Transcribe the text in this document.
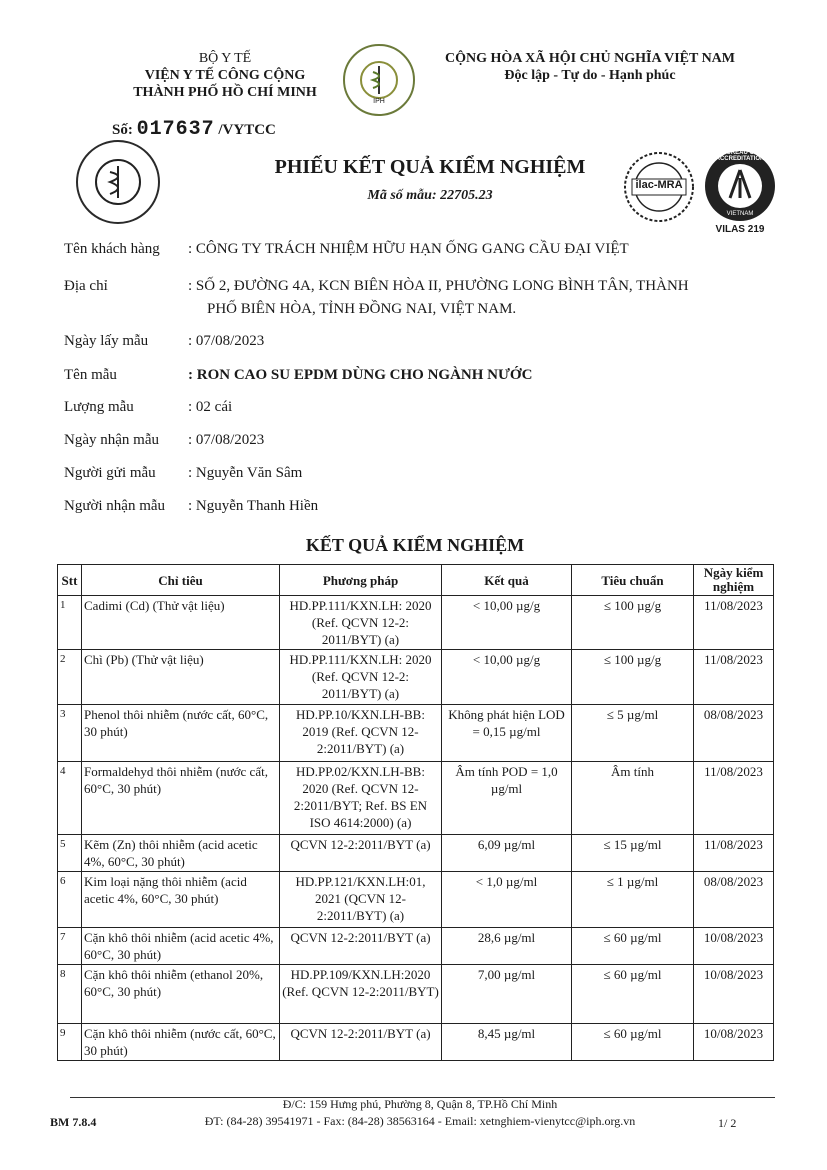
BỘ Y TẾ
VIỆN Y TẾ CÔNG CỘNG
THÀNH PHỐ HỒ CHÍ MINH
IPH
CỘNG HÒA XÃ HỘI CHỦ NGHĨA VIỆT NAM
Độc lập - Tự do - Hạnh phúc
Số: 017637 /VYTCC
PHIẾU KẾT QUẢ KIỂM NGHIỆM
Mã số mẫu: 22705.23
ilac-MRA
BUREAU OF ACCREDITATION
VIETNAM
VILAS 219
Tên khách hàng	: CÔNG TY TRÁCH NHIỆM HỮU HẠN ỐNG GANG CẦU ĐẠI VIỆT
Địa chỉ	: SỐ 2, ĐƯỜNG 4A, KCN BIÊN HÒA II, PHƯỜNG LONG BÌNH TÂN, THÀNH
PHỐ BIÊN HÒA, TỈNH ĐỒNG NAI, VIỆT NAM.
Ngày lấy mẫu	: 07/08/2023
Tên mẫu	: RON CAO SU EPDM DÙNG CHO NGÀNH NƯỚC
Lượng mẫu	: 02 cái
Ngày nhận mẫu	: 07/08/2023
Người gửi mẫu	: Nguyễn Văn Sâm
Người nhận mẫu	: Nguyễn Thanh Hiền
KẾT QUẢ KIỂM NGHIỆM
Stt	Chỉ tiêu	Phương pháp	Kết quả	Tiêu chuẩn	Ngày kiểm nghiệm
1	Cadimi (Cd) (Thử vật liệu)	HD.PP.111/KXN.LH: 2020 (Ref. QCVN 12-2: 2011/BYT) (a)	< 10,00 µg/g	≤ 100 µg/g	11/08/2023
2	Chì (Pb) (Thử vật liệu)	HD.PP.111/KXN.LH: 2020 (Ref. QCVN 12-2: 2011/BYT) (a)	< 10,00 µg/g	≤ 100 µg/g	11/08/2023
3	Phenol thôi nhiễm (nước cất, 60°C, 30 phút)	HD.PP.10/KXN.LH-BB: 2019 (Ref. QCVN 12-2:2011/BYT) (a)	Không phát hiện LOD = 0,15 µg/ml	≤ 5 µg/ml	08/08/2023
4	Formaldehyd thôi nhiễm (nước cất, 60°C, 30 phút)	HD.PP.02/KXN.LH-BB: 2020 (Ref. QCVN 12-2:2011/BYT; Ref. BS EN ISO 4614:2000) (a)	Âm tính POD = 1,0 µg/ml	Âm tính	11/08/2023
5	Kẽm (Zn) thôi nhiễm (acid acetic 4%, 60°C, 30 phút)	QCVN 12-2:2011/BYT (a)	6,09 µg/ml	≤ 15 µg/ml	11/08/2023
6	Kim loại nặng thôi nhiễm (acid acetic 4%, 60°C, 30 phút)	HD.PP.121/KXN.LH:01, 2021 (QCVN 12-2:2011/BYT) (a)	< 1,0 µg/ml	≤ 1 µg/ml	08/08/2023
7	Cặn khô thôi nhiễm (acid acetic 4%, 60°C, 30 phút)	QCVN 12-2:2011/BYT (a)	28,6 µg/ml	≤ 60 µg/ml	10/08/2023
8	Cặn khô thôi nhiễm (ethanol 20%, 60°C, 30 phút)	HD.PP.109/KXN.LH:2020 (Ref. QCVN 12-2:2011/BYT)	7,00 µg/ml	≤ 60 µg/ml	10/08/2023
9	Cặn khô thôi nhiễm (nước cất, 60°C, 30 phút)	QCVN 12-2:2011/BYT (a)	8,45 µg/ml	≤ 60 µg/ml	10/08/2023
Đ/C: 159 Hưng phú, Phường 8, Quận 8, TP.Hồ Chí Minh
BM 7.8.4	ĐT: (84-28) 39541971 - Fax: (84-28) 38563164 - Email: xetnghiem-vienytcc@iph.org.vn	1/ 2
